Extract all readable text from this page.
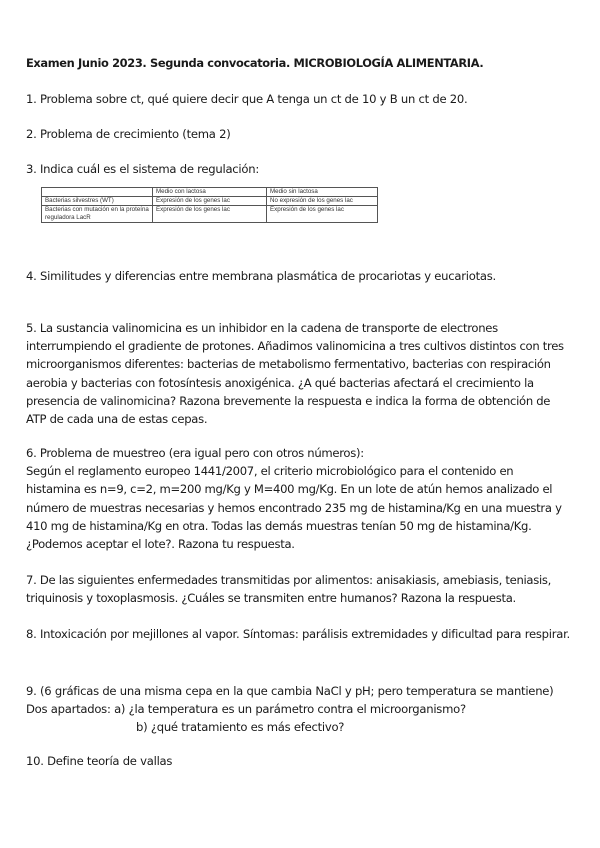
Examen Junio 2023. Segunda convocatoria. MICROBIOLOGÍA ALIMENTARIA.
1. Problema sobre ct, qué quiere decir que A tenga un ct de 10 y B un ct de 20.
2. Problema de crecimiento (tema 2)
3. Indica cuál es el sistema de regulación:
	Medio con lactosa	Medio sin lactosa
Bacterias silvestres (WT)	Expresión de los genes lac	No expresión de los genes lac
Bacterias con mutación en la proteína reguladora LacR	Expresión de los genes lac	Expresión de los genes lac
4. Similitudes y diferencias entre membrana plasmática de procariotas y eucariotas.

5. La sustancia valinomicina es un inhibidor en la cadena de transporte de electrones interrumpiendo el gradiente de protones. Añadimos valinomicina a tres cultivos distintos con tres microorganismos diferentes: bacterias de metabolismo fermentativo, bacterias con respiración aerobia y bacterias con fotosíntesis anoxigénica. ¿A qué bacterias afectará el crecimiento la presencia de valinomicina? Razona brevemente la respuesta e indica la forma de obtención de ATP de cada una de estas cepas.

6. Problema de muestreo (era igual pero con otros números):

Según el reglamento europeo 1441/2007, el criterio microbiológico para el contenido en histamina es n=9, c=2, m=200 mg/Kg y M=400 mg/Kg. En un lote de atún hemos analizado el número de muestras necesarias y hemos encontrado 235 mg de histamina/Kg en una muestra y 410 mg de histamina/Kg en otra. Todas las demás muestras tenían 50 mg de histamina/Kg. ¿Podemos aceptar el lote?. Razona tu respuesta.

7. De las siguientes enfermedades transmitidas por alimentos: anisakiasis, amebiasis, teniasis, triquinosis y toxoplasmosis. ¿Cuáles se transmiten entre humanos? Razona la respuesta.

8. Intoxicación por mejillones al vapor. Síntomas: parálisis extremidades y dificultad para respirar.
9. (6 gráficas de una misma cepa en la que cambia NaCl y pH; pero temperatura se mantiene)
Dos apartados: a) ¿la temperatura es un parámetro contra el microorganismo?
b) ¿qué tratamiento es más efectivo?
10. Define teoría de vallas
